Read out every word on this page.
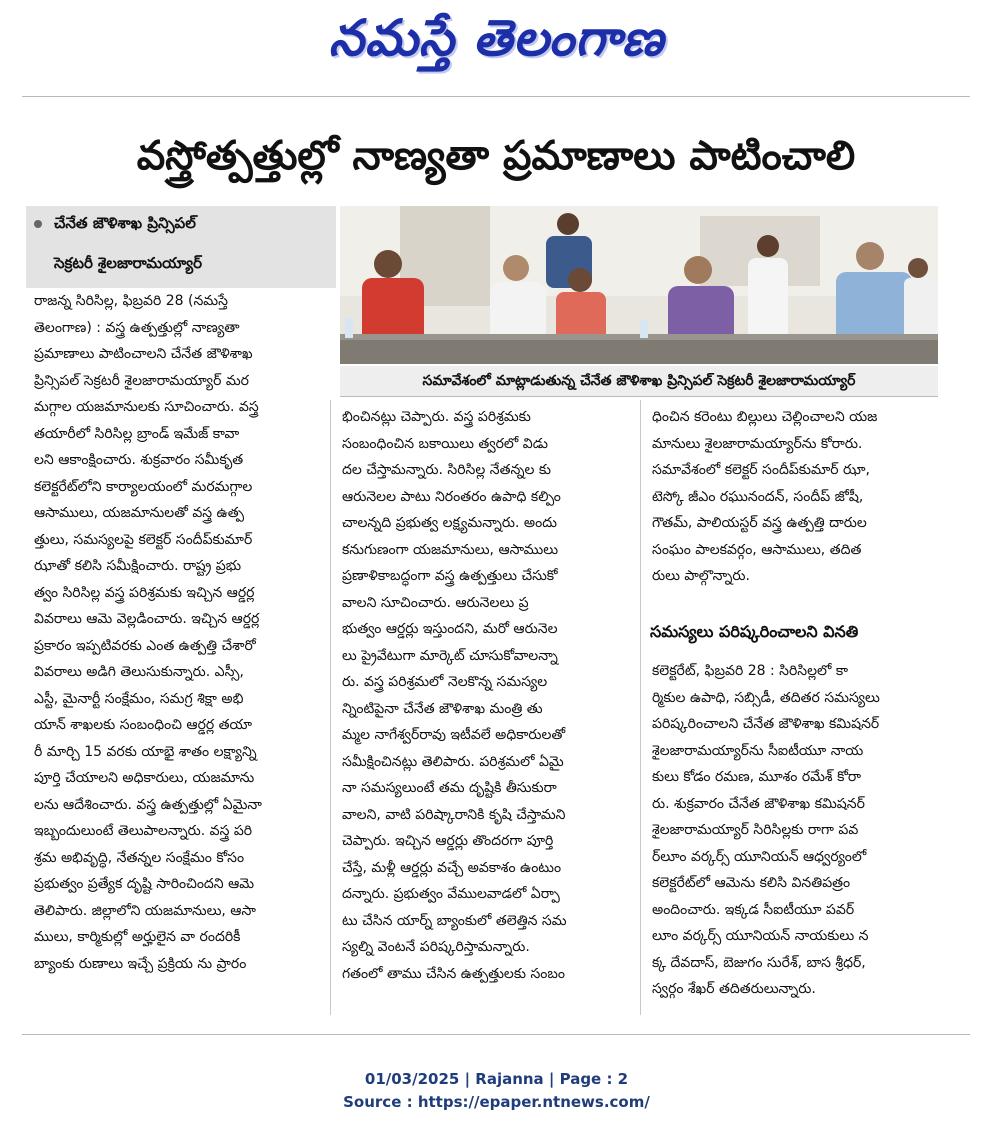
నమస్తే తెలంగాణ
వస్త్రోత్పత్తుల్లో నాణ్యతా ప్రమాణాలు పాటించాలి
చేనేత జౌళిశాఖ ప్రిన్సిపల్
సెక్రటరీ శైలజారామయ్యార్
సమావేశంలో మాట్లాడుతున్న చేనేత జౌళిశాఖ ప్రిన్సిపల్ సెక్రటరీ శైలజారామయ్యార్
రాజన్న సిరిసిల్ల, ఫిబ్రవరి 28 (నమస్తే
తెలంగాణ) : వస్త్ర ఉత్పత్తుల్లో నాణ్యతా
ప్రమాణాలు పాటించాలని చేనేత జౌళిశాఖ
ప్రిన్సిపల్ సెక్రటరీ శైలజారామయ్యార్ మర
మగ్గాల యజమానులకు సూచించారు. వస్త్ర
తయారీలో సిరిసిల్ల బ్రాండ్ ఇమేజ్ కావా
లని ఆకాంక్షించారు. శుక్రవారం సమీకృత
కలెక్టరేట్‌లోని కార్యాలయంలో మరమగ్గాల
ఆసాములు, యజమానులతో వస్త్ర ఉత్ప
త్తులు, సమస్యలపై కలెక్టర్ సందీప్‌కుమార్
ఝాతో కలిసి సమీక్షించారు. రాష్ట్ర ప్రభు
త్వం సిరిసిల్ల వస్త్ర పరిశ్రమకు ఇచ్చిన ఆర్డర్ల
వివరాలు ఆమె వెల్లడించారు. ఇచ్చిన ఆర్డర్ల
ప్రకారం ఇప్పటివరకు ఎంత ఉత్పత్తి చేశారో
వివరాలు అడిగి తెలుసుకున్నారు. ఎస్సీ,
ఎస్టీ, మైనార్టీ సంక్షేమం, సమగ్ర శిక్షా అభి
యాన్ శాఖలకు సంబంధించి ఆర్డర్ల తయా
రీ మార్చి 15 వరకు యాభై శాతం లక్ష్యాన్ని
పూర్తి చేయాలని అధికారులు, యజమాను
లను ఆదేశించారు. వస్త్ర ఉత్పత్తుల్లో ఏమైనా
ఇబ్బందులుంటే తెలుపాలన్నారు. వస్త్ర పరి
శ్రమ అభివృద్ధి, నేతన్నల సంక్షేమం కోసం
ప్రభుత్వం ప్రత్యేక దృష్టి సారించిందని ఆమె
తెలిపారు. జిల్లాలోని యజమానులు, ఆసా
ములు, కార్మికుల్లో అర్హులైన వా రందరికీ
బ్యాంకు రుణాలు ఇచ్చే ప్రక్రియ ను ప్రారం
భించినట్లు చెప్పారు. వస్త్ర పరిశ్రమకు
సంబంధించిన బకాయిలు త్వరలో విడు
దల చేస్తామన్నారు. సిరిసిల్ల నేతన్నల కు
ఆరునెలల పాటు నిరంతరం ఉపాధి కల్పిం
చాలన్నది ప్రభుత్వ లక్ష్యమన్నారు. అందు
కనుగుణంగా యజమానులు, ఆసాములు
ప్రణాళికాబద్ధంగా వస్త్ర ఉత్పత్తులు చేసుకో
వాలని సూచించారు. ఆరునెలలు ప్ర
భుత్వం ఆర్డర్లు ఇస్తుందని, మరో ఆరునెల
లు ప్రైవేటుగా మార్కెట్ చూసుకోవాలన్నా
రు. వస్త్ర పరిశ్రమలో నెలకొన్న సమస్యల
న్నింటిపైనా చేనేత జౌళిశాఖ మంత్రి తు
మ్మల నాగేశ్వర్‌రావు ఇటీవలే అధికారులతో
సమీక్షించినట్లు తెలిపారు. పరిశ్రమలో ఏమై
నా సమస్యలుంటే తమ దృష్టికి తీసుకురా
వాలని, వాటి పరిష్కారానికి కృషి చేస్తామని
చెప్పారు. ఇచ్చిన ఆర్డర్లు తొందరగా పూర్తి
చేస్తే, మళ్లీ ఆర్డర్లు వచ్చే అవకాశం ఉంటుం
దన్నారు. ప్రభుత్వం వేములవాడలో ఏర్పా
టు చేసిన యార్న్ బ్యాంకులో తలెత్తిన సమ
స్యల్ని వెంటనే పరిష్కరిస్తామన్నారు.
గతంలో తాము చేసిన ఉత్పత్తులకు సంబం
ధించిన కరెంటు బిల్లులు చెల్లించాలని యజ
మానులు శైలజారామయ్యార్‌ను కోరారు.
సమావేశంలో కలెక్టర్ సందీప్‌కుమార్ ఝా,
టెస్కో జీఎం రఘునందన్, సందీప్ జోషీ,
గౌతమ్, పాలియస్టర్ వస్త్ర ఉత్పత్తి దారుల
సంఘం పాలకవర్గం, ఆసాములు, తదిత
రులు పాల్గొన్నారు.
సమస్యలు పరిష్కరించాలని వినతి
కలెక్టరేట్, ఫిబ్రవరి 28 : సిరిసిల్లలో కా
ర్మికుల ఉపాధి, సబ్సిడీ, తదితర సమస్యలు
పరిష్కరించాలని చేనేత జౌళిశాఖ కమిషనర్
శైలజారామయ్యార్‌ను సీఐటీయూ నాయ
కులు కోడం రమణ, మూశం రమేశ్ కోరా
రు. శుక్రవారం చేనేత జౌళిశాఖ కమిషనర్
శైలజారామయ్యార్ సిరిసిల్లకు రాగా పవ
ర్‌లూం వర్కర్స్ యూనియన్ ఆధ్వర్యంలో
కలెక్టరేట్‌లో ఆమెను కలిసి వినతిపత్రం
అందించారు. ఇక్కడ సీఐటీయూ పవర్
లూం వర్కర్స్ యూనియన్ నాయకులు న
క్క దేవదాస్, బెజుగం సురేశ్, బాస శ్రీధర్,
స్వర్గం శేఖర్ తదితరులున్నారు.
01/03/2025 | Rajanna | Page : 2
Source : https://epaper.ntnews.com/
